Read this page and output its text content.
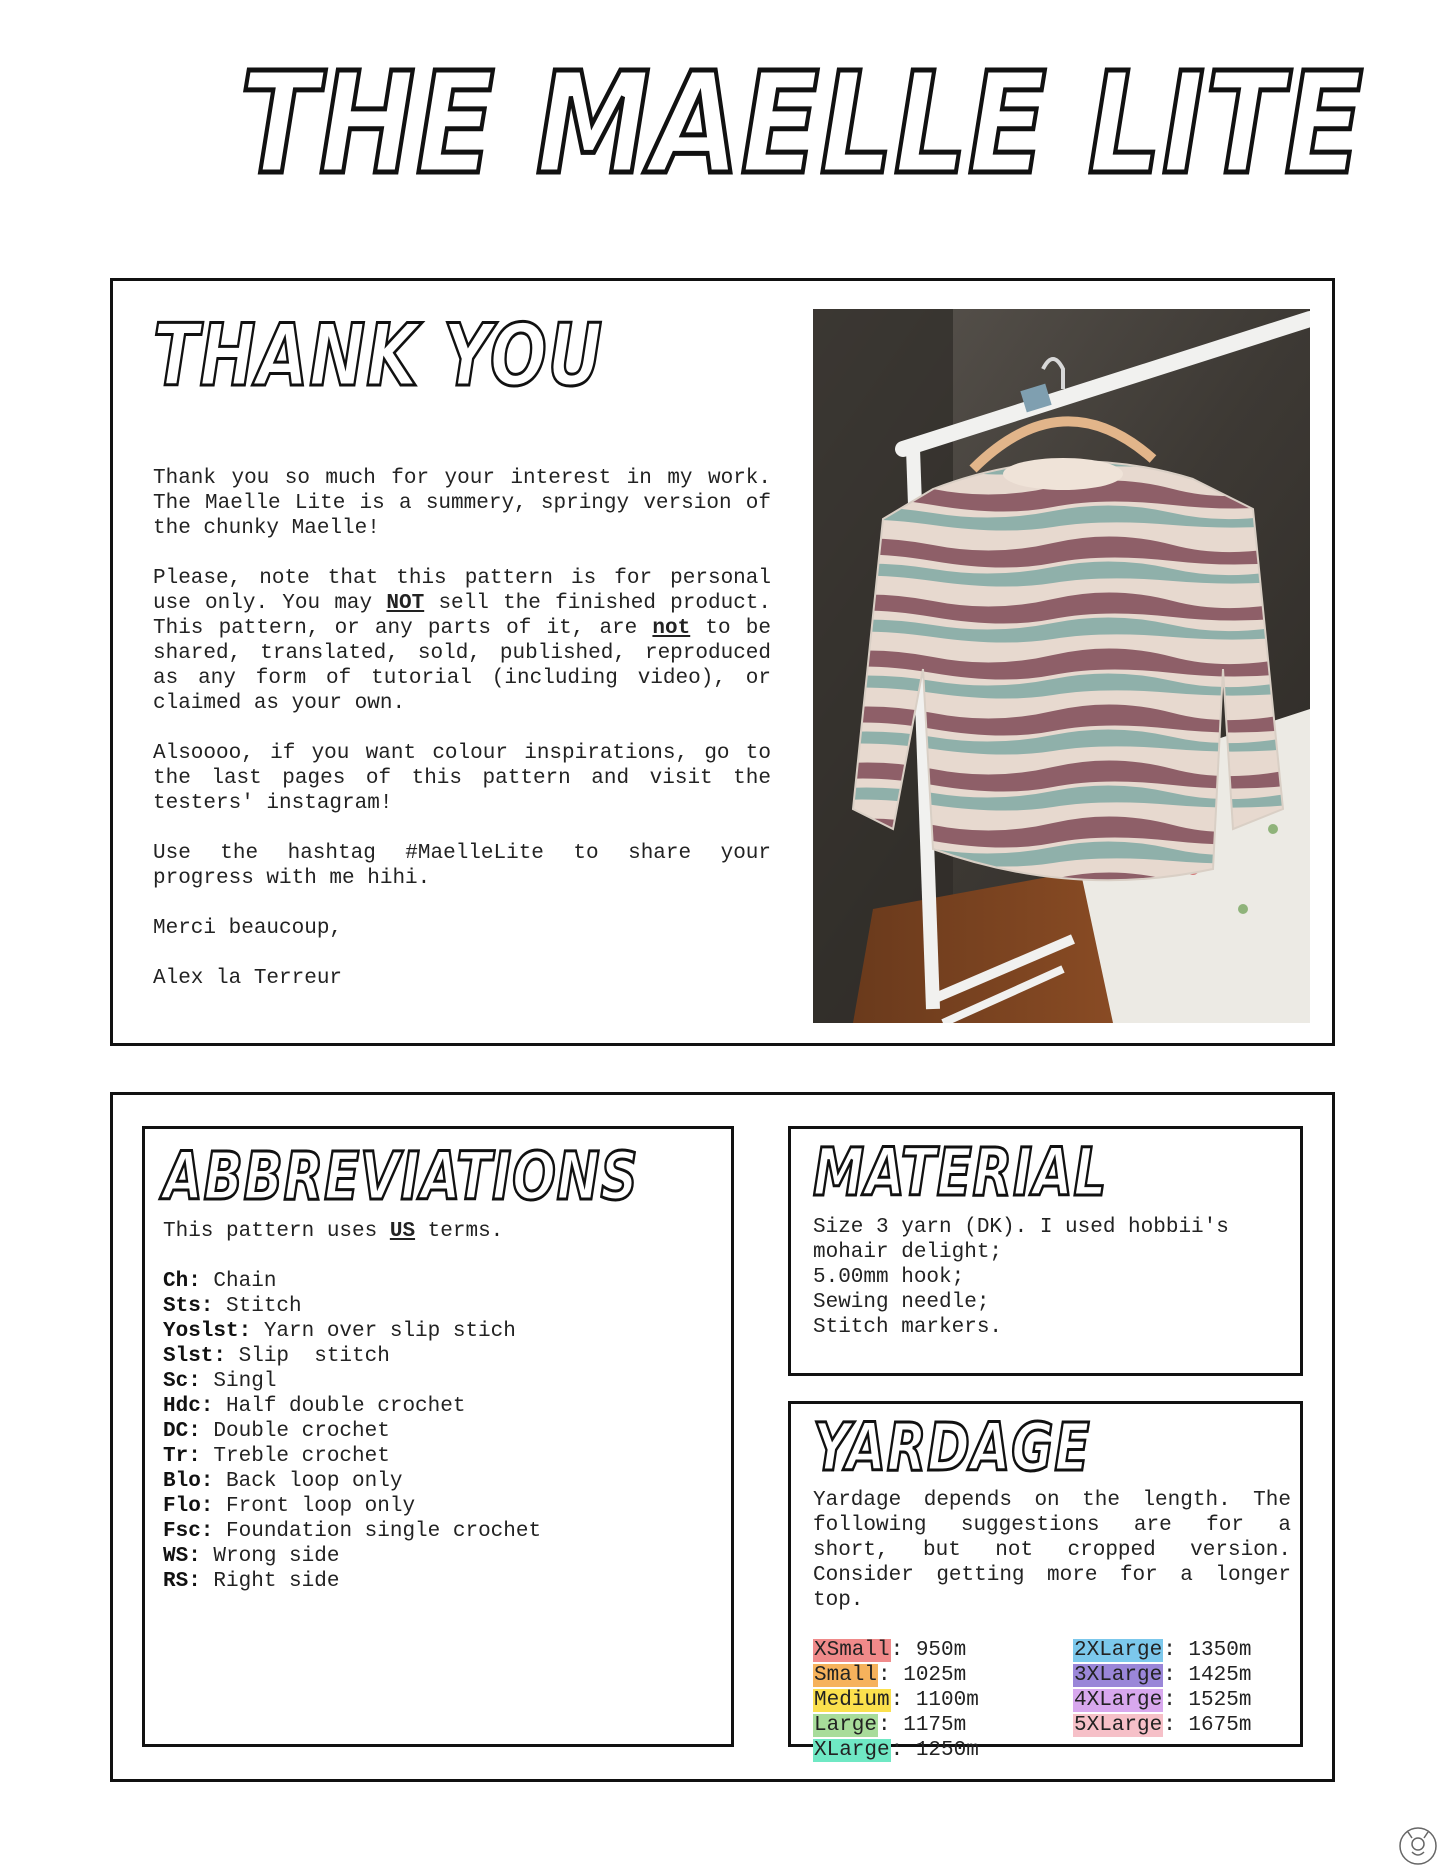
THE MAELLE LITE
THANK YOU

Thank you so much for your interest in my work. The Maelle Lite is a summery, springy version of the chunky Maelle!

Please, note that this pattern is for personal use only. You may NOT sell the finished product. This pattern, or any parts of it, are not to be shared, translated, sold, published, reproduced as any form of tutorial (including video), or claimed as your own.

Alsoooo, if you want colour inspirations, go to the last pages of this pattern and visit the testers' instagram!

Use the hashtag #MaelleLite to share your progress with me hihi.

Merci beaucoup,

Alex la Terreur

ABBREVIATIONS

This pattern uses US terms.

Ch: Chain

Sts: Stitch

Yoslst: Yarn over slip stich

Slst: Slip  stitch

Sc: Singl

Hdc: Half double crochet

DC: Double crochet

Tr: Treble crochet

Blo: Back loop only

Flo: Front loop only

Fsc: Foundation single crochet

WS: Wrong side

RS: Right side

MATERIAL

Size 3 yarn (DK). I used hobbii's mohair delight;

5.00mm hook;

Sewing needle;

Stitch markers.

YARDAGE

Yardage depends on the length. The following suggestions are for a short, but not cropped version. Consider getting more for a longer top.

XSmall: 950m

Small: 1025m

Medium: 1100m

Large: 1175m

XLarge: 1250m

2XLarge: 1350m

3XLarge: 1425m

4XLarge: 1525m

5XLarge: 1675m
